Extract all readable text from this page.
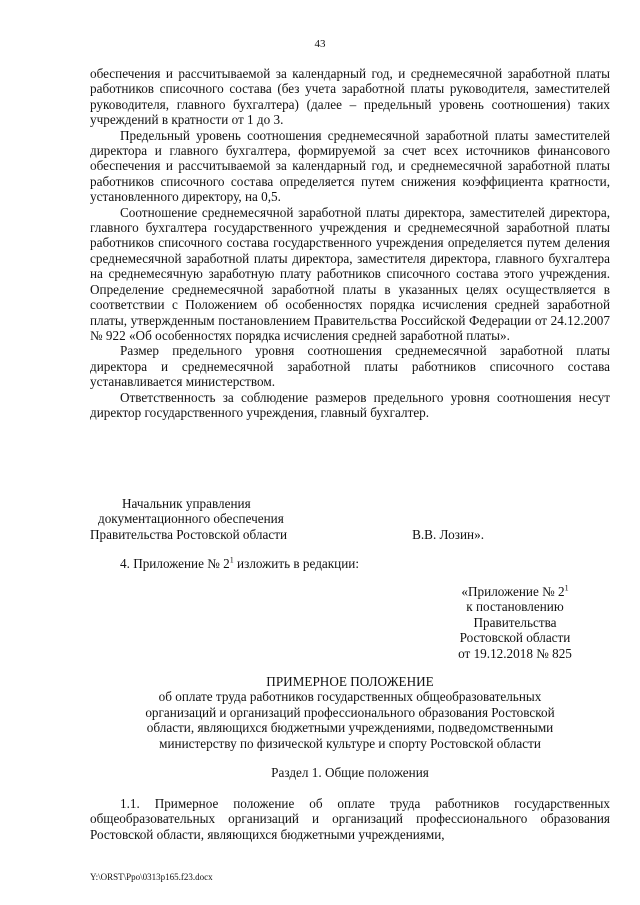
43

обеспечения и рассчитываемой за календарный год, и среднемесячной заработной платы работников списочного состава (без учета заработной платы руководителя, заместителей руководителя, главного бухгалтера) (далее – предельный уровень соотношения) таких учреждений в кратности от 1 до 3.

Предельный уровень соотношения среднемесячной заработной платы заместителей директора и главного бухгалтера, формируемой за счет всех источников финансового обеспечения и рассчитываемой за календарный год, и среднемесячной заработной платы работников списочного состава определяется путем снижения коэффициента кратности, установленного директору, на 0,5.

Соотношение среднемесячной заработной платы директора, заместителей директора, главного бухгалтера государственного учреждения и среднемесячной заработной платы работников списочного состава государственного учреждения определяется путем деления среднемесячной заработной платы директора, заместителя директора, главного бухгалтера на среднемесячную заработную плату работников списочного состава этого учреждения. Определение среднемесячной заработной платы в указанных целях осуществляется в соответствии с Положением об особенностях порядка исчисления средней заработной платы, утвержденным постановлением Правительства Российской Федерации от 24.12.2007 № 922 «Об особенностях порядка исчисления средней заработной платы».

Размер предельного уровня соотношения среднемесячной заработной платы директора и среднемесячной заработной платы работников списочного состава устанавливается министерством.

Ответственность за соблюдение размеров предельного уровня соотношения несут директор государственного учреждения, главный бухгалтер.

Начальник управления
документационного обеспечения
Правительства Ростовской области	В.В. Лозин».
4. Приложение № $2^1$ изложить в редакции:
«Приложение № $2^1$
к постановлению
Правительства
Ростовской области
от 19.12.2018 № 825
ПРИМЕРНОЕ ПОЛОЖЕНИЕ
об оплате труда работников государственных общеобразовательных
организаций и организаций профессионального образования Ростовской
области, являющихся бюджетными учреждениями, подведомственными
министерству по физической культуре и спорту Ростовской области
Раздел 1. Общие положения

1.1. Примерное положение об оплате труда работников государственных общеобразовательных организаций и организаций профессионального образования Ростовской области, являющихся бюджетными учреждениями,

Y:\ORST\Ppo\0313p165.f23.docx
